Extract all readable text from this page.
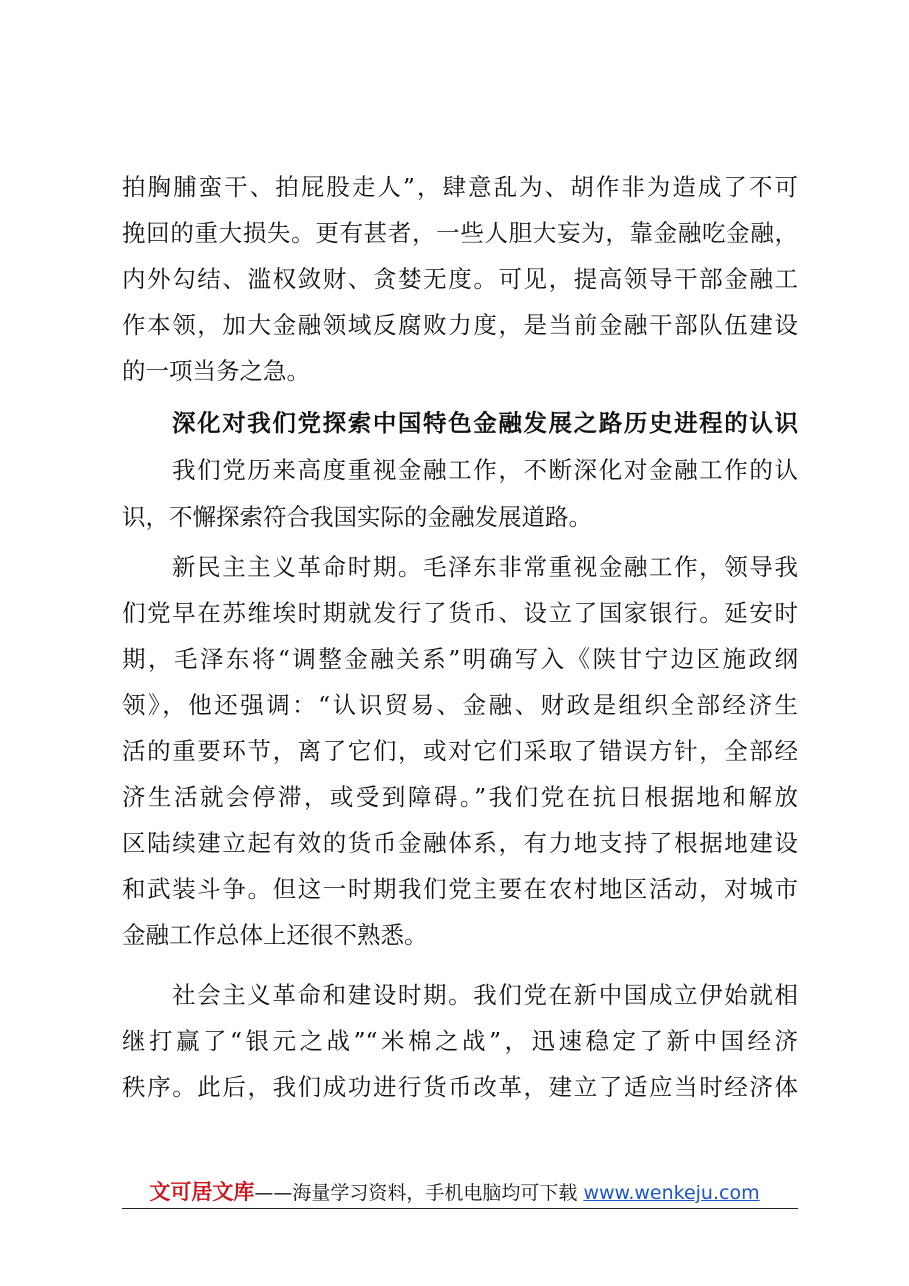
拍胸脯蛮干、拍屁股走人”，肆意乱为、胡作非为造成了不可
挽回的重大损失。更有甚者，一些人胆大妄为，靠金融吃金融，
内外勾结、滥权敛财、贪婪无度。可见，提高领导干部金融工
作本领，加大金融领域反腐败力度，是当前金融干部队伍建设
的一项当务之急。
深化对我们党探索中国特色金融发展之路历史进程的认识
我们党历来高度重视金融工作，不断深化对金融工作的认
识，不懈探索符合我国实际的金融发展道路。
新民主主义革命时期。毛泽东非常重视金融工作，领导我
们党早在苏维埃时期就发行了货币、设立了国家银行。延安时
期，毛泽东将“调整金融关系”明确写入《陕甘宁边区施政纲
领》，他还强调：“认识贸易、金融、财政是组织全部经济生
活的重要环节，离了它们，或对它们采取了错误方针，全部经
济生活就会停滞，或受到障碍。”我们党在抗日根据地和解放
区陆续建立起有效的货币金融体系，有力地支持了根据地建设
和武装斗争。但这一时期我们党主要在农村地区活动，对城市
金融工作总体上还很不熟悉。
社会主义革命和建设时期。我们党在新中国成立伊始就相
继打赢了“银元之战”“米棉之战”，迅速稳定了新中国经济
秩序。此后，我们成功进行货币改革，建立了适应当时经济体
文可居文库——海量学习资料，手机电脑均可下载 www.wenkeju.com
